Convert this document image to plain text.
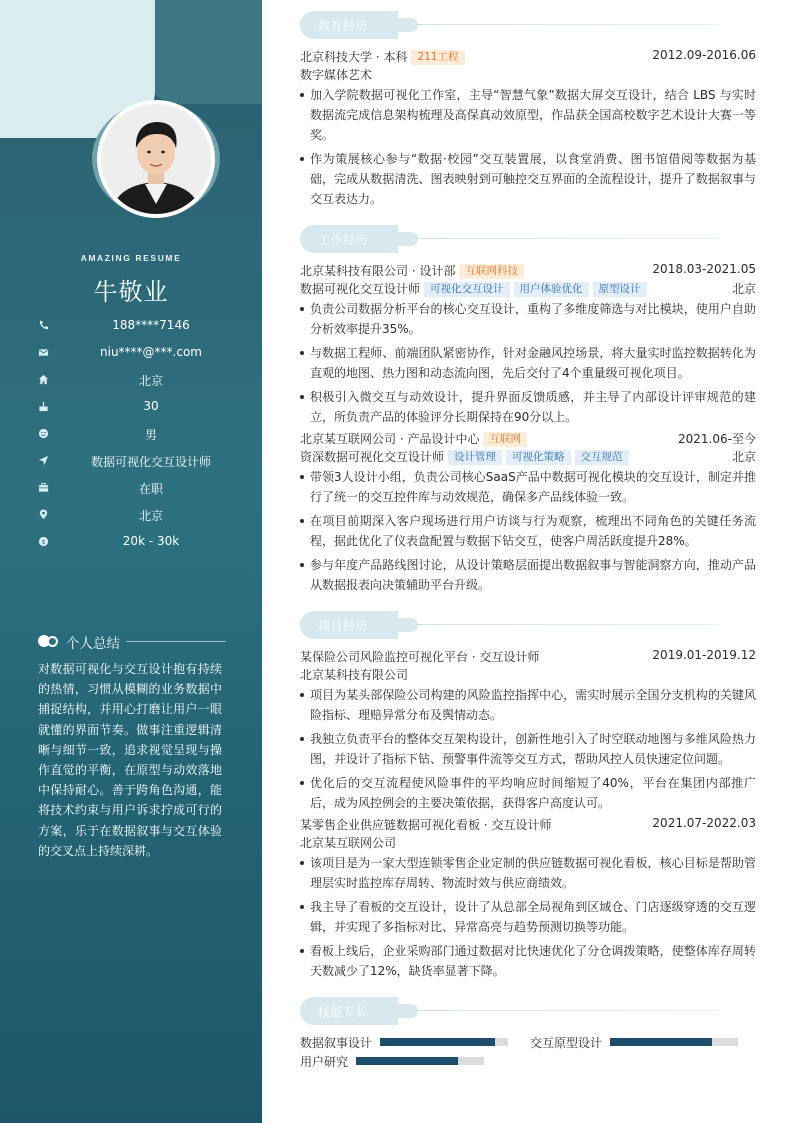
AMAZING RESUME
牛敬业
188****7146
niu****@***.com
北京
30
男
数据可视化交互设计师
在职
北京
$	20k - 30k
个人总结
对数据可视化与交互设计抱有持续的热情，习惯从模糊的业务数据中捕捉结构，并用心打磨让用户一眼就懂的界面节奏。做事注重逻辑清晰与细节一致，追求视觉呈现与操作直觉的平衡，在原型与动效落地中保持耐心。善于跨角色沟通，能将技术约束与用户诉求拧成可行的方案，乐于在数据叙事与交互体验的交叉点上持续深耕。
教育经历
北京科技大学 · 本科 211工程	2012.09-2016.06
数字媒体艺术
加入学院数据可视化工作室，主导“智慧气象”数据大屏交互设计，结合 LBS 与实时数据流完成信息架构梳理及高保真动效原型，作品获全国高校数字艺术设计大赛一等奖。
作为策展核心参与“数据·校园”交互装置展，以食堂消费、图书馆借阅等数据为基础，完成从数据清洗、图表映射到可触控交互界面的全流程设计，提升了数据叙事与交互表达力。
工作经历
北京某科技有限公司 · 设计部 互联网科技	2018.03-2021.05
数据可视化交互设计师 可视化交互设计 用户体验优化 原型设计	北京
负责公司数据分析平台的核心交互设计，重构了多维度筛选与对比模块，使用户自助分析效率提升35%。
与数据工程师、前端团队紧密协作，针对金融风控场景，将大量实时监控数据转化为直观的地图、热力图和动态流向图，先后交付了4个重量级可视化项目。
积极引入微交互与动效设计，提升界面反馈质感，并主导了内部设计评审规范的建立，所负责产品的体验评分长期保持在90分以上。
北京某互联网公司 · 产品设计中心 互联网	2021.06-至今
资深数据可视化交互设计师 设计管理 可视化策略 交互规范	北京
带领3人设计小组，负责公司核心SaaS产品中数据可视化模块的交互设计，制定并推行了统一的交互控件库与动效规范，确保多产品线体验一致。
在项目前期深入客户现场进行用户访谈与行为观察，梳理出不同角色的关键任务流程，据此优化了仪表盘配置与数据下钻交互，使客户周活跃度提升28%。
参与年度产品路线图讨论，从设计策略层面提出数据叙事与智能洞察方向，推动产品从数据报表向决策辅助平台升级。
项目经历
某保险公司风险监控可视化平台 · 交互设计师	2019.01-2019.12
北京某科技有限公司
项目为某头部保险公司构建的风险监控指挥中心，需实时展示全国分支机构的关键风险指标、理赔异常分布及舆情动态。
我独立负责平台的整体交互架构设计，创新性地引入了时空联动地图与多维风险热力图，并设计了指标下钻、预警事件流等交互方式，帮助风控人员快速定位问题。
优化后的交互流程使风险事件的平均响应时间缩短了40%，平台在集团内部推广后，成为风控例会的主要决策依据，获得客户高度认可。
某零售企业供应链数据可视化看板 · 交互设计师	2021.07-2022.03
北京某互联网公司
该项目是为一家大型连锁零售企业定制的供应链数据可视化看板，核心目标是帮助管理层实时监控库存周转、物流时效与供应商绩效。
我主导了看板的交互设计，设计了从总部全局视角到区域仓、门店逐级穿透的交互逻辑，并实现了多指标对比、异常高亮与趋势预测切换等功能。
看板上线后，企业采购部门通过数据对比快速优化了分仓调拨策略，使整体库存周转天数减少了12%，缺货率显著下降。
技能专长
数据叙事设计	交互原型设计
用户研究
